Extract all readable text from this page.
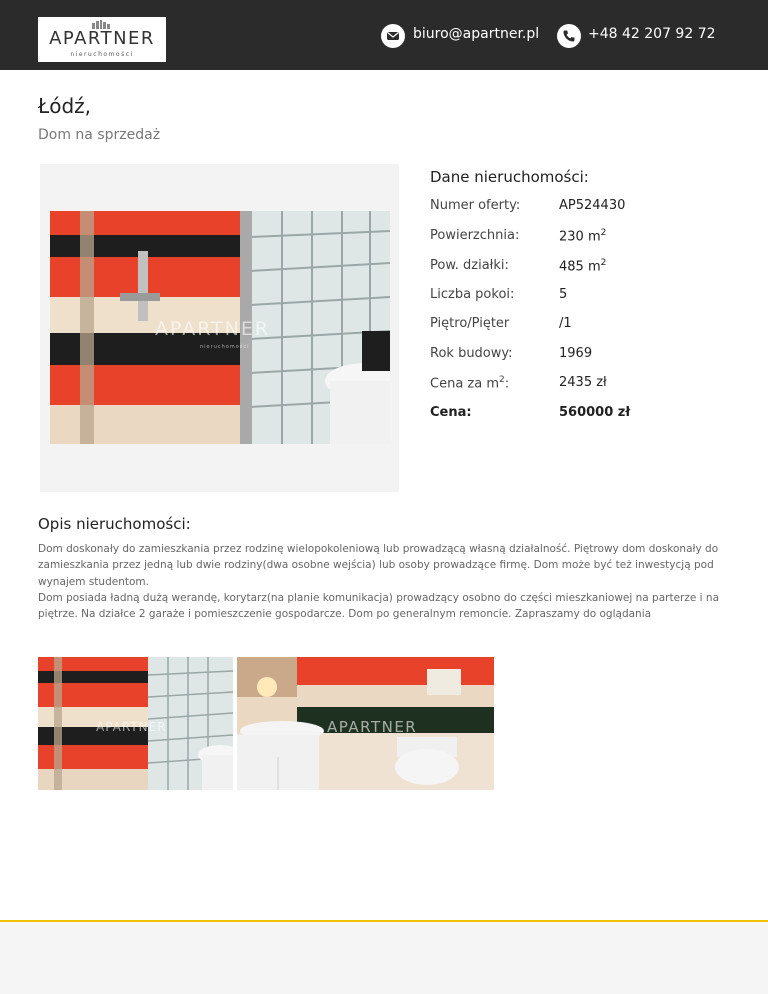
APARTNER
nieruchomości
biuro@apartner.pl	+48 42 207 92 72
Łódź,
Dom na sprzedaż
APARTNER
nieruchomości
Dane nieruchomości:
Numer oferty:	AP524430
Powierzchnia:	230 $m^2$
Pow. działki:	485 $m^2$
Liczba pokoi:	5
Piętro/Pięter	/1
Rok budowy:	1969
Cena za $m^2$:	2435 zł
Cena:	560000 zł
Opis nieruchomości:

Dom doskonały do zamieszkania przez rodzinę wielopokoleniową lub prowadzącą własną działalność. Piętrowy dom doskonały do zamieszkania przez jedną lub dwie rodziny(dwa osobne wejścia) lub osoby prowadzące firmę. Dom może być też inwestycją pod wynajem studentom.

Dom posiada ładną dużą werandę, korytarz(na planie komunikacja) prowadzący osobno do części mieszkaniowej na parterze i na piętrze. Na działce 2 garaże i pomieszczenie gospodarcze. Dom po generalnym remoncie. Zapraszamy do oglądania

APARTNER	APARTNER
